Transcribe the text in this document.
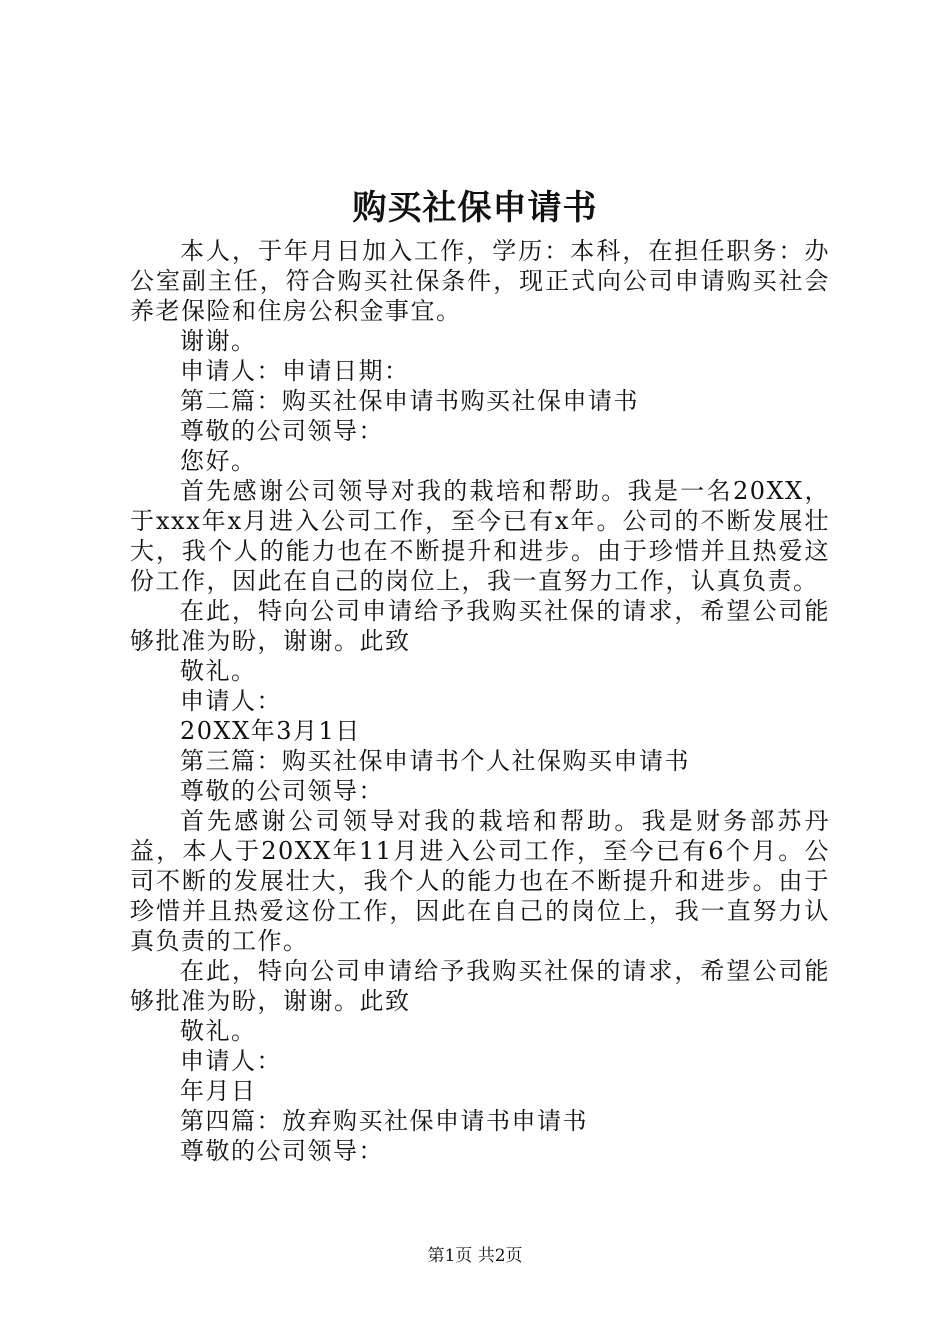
购买社保申请书

本人，于年月日加入工作，学历：本科，在担任职务：办公室副主任，符合购买社保条件，现正式向公司申请购买社会养老保险和住房公积金事宜。

谢谢。

申请人：申请日期：

第二篇：购买社保申请书购买社保申请书

尊敬的公司领导：

您好。

首先感谢公司领导对我的栽培和帮助。我是一名20XX，于xxx年x月进入公司工作，至今已有x年。公司的不断发展壮大，我个人的能力也在不断提升和进步。由于珍惜并且热爱这份工作，因此在自己的岗位上，我一直努力工作，认真负责。

在此，特向公司申请给予我购买社保的请求，希望公司能够批准为盼，谢谢。此致

敬礼。

申请人：

20XX年3月1日

第三篇：购买社保申请书个人社保购买申请书

尊敬的公司领导：

首先感谢公司领导对我的栽培和帮助。我是财务部苏丹益，本人于20XX年11月进入公司工作，至今已有6个月。公司不断的发展壮大，我个人的能力也在不断提升和进步。由于珍惜并且热爱这份工作，因此在自己的岗位上，我一直努力认真负责的工作。

在此，特向公司申请给予我购买社保的请求，希望公司能够批准为盼，谢谢。此致

敬礼。

申请人：

年月日

第四篇：放弃购买社保申请书申请书

尊敬的公司领导：

第1页 共2页
